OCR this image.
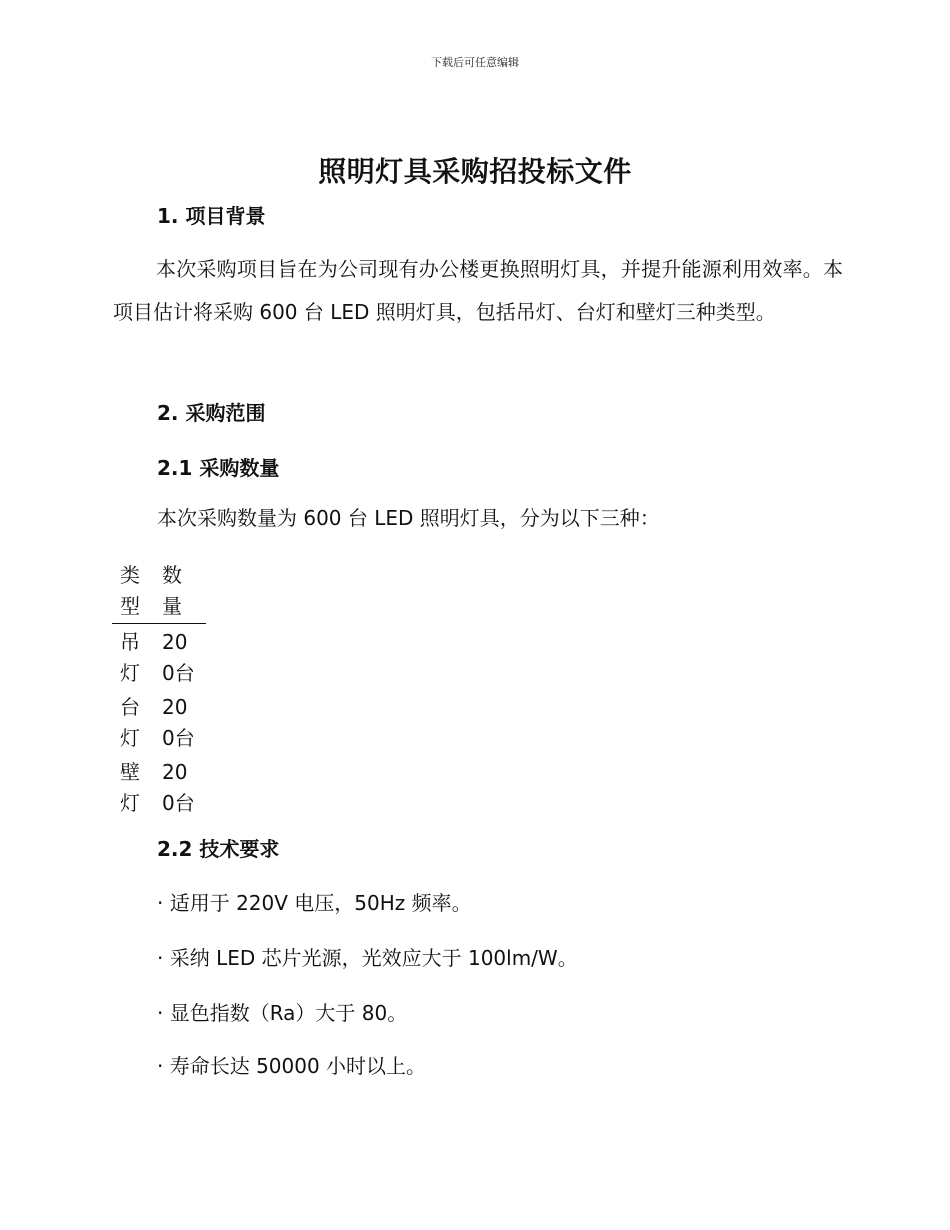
下载后可任意编辑
照明灯具采购招投标文件
1. 项目背景
本次采购项目旨在为公司现有办公楼更换照明灯具，并提升能源利用效率。本项目估计将采购 600 台 LED 照明灯具，包括吊灯、台灯和壁灯三种类型。
2. 采购范围
2.1 采购数量
本次采购数量为 600 台 LED 照明灯具，分为以下三种：
类型	数量
吊灯	200台
台灯	200台
壁灯	200台
2.2 技术要求
· 适用于 220V 电压，50Hz 频率。
· 采纳 LED 芯片光源，光效应大于 100lm/W。
· 显色指数（Ra）大于 80。
· 寿命长达 50000 小时以上。
